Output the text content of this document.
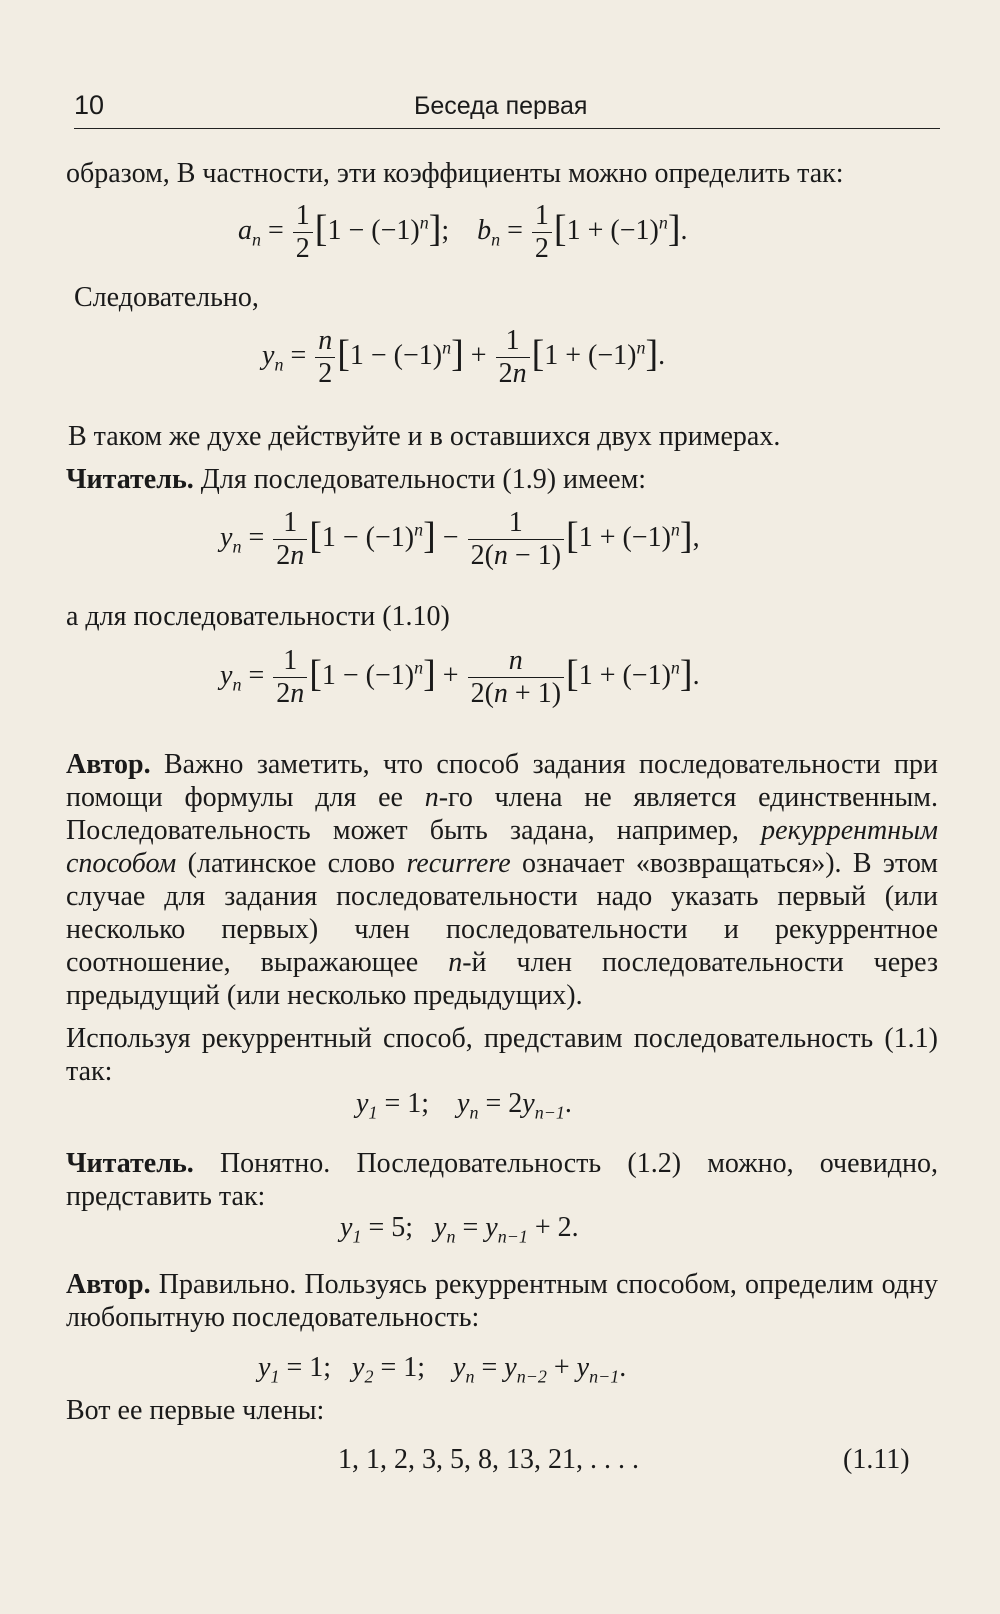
10	Беседа первая
образом, В частности, эти коэффициенты можно определить так:
$a_n = \frac{1}{2} [1 - (-1)^n]$;    $b_n = \frac{1}{2} [1 + (-1)^n]$.
Следовательно,
$y_n = \frac{n}{2} [1 - (-1)^n] + \frac{1}{2n} [1 + (-1)^n]$.
В таком же духе действуйте и в оставшихся двух примерах.
Читатель. Для последовательности (1.9) имеем:
$y_n = \frac{1}{2n} [1 - (-1)^n] - \frac{1}{2(n - 1)} [1 + (-1)^n]$,
а для последовательности (1.10)
$y_n = \frac{1}{2n} [1 - (-1)^n] + \frac{n}{2(n + 1)} [1 + (-1)^n]$.
Автор. Важно заметить, что способ задания последовательности при помощи формулы для ее n-го члена не является единственным. Последовательность может быть задана, например, рекуррентным способом (латинское слово recurrere означает «возвращаться»). В этом случае для задания последовательности надо указать первый (или несколько первых) член последовательности и рекуррентное соотношение, выражающее n-й член последовательности через предыдущий (или несколько предыдущих).
Используя рекуррентный способ, представим последовательность (1.1) так:
$y_1 = 1$;    $y_n = 2y_{n-1}$.
Читатель. Понятно. Последовательность (1.2) можно, очевидно, представить так:
$y_1 = 5$;   $y_n = y_{n-1} + 2$.
Автор. Правильно. Пользуясь рекуррентным способом, определим одну любопытную последовательность:
$y_1 = 1$;   $y_2 = 1$;    $y_n = y_{n-2} + y_{n-1}$.
Вот ее первые члены:
1, 1, 2, 3, 5, 8, 13, 21, . . . .	(1.11)
